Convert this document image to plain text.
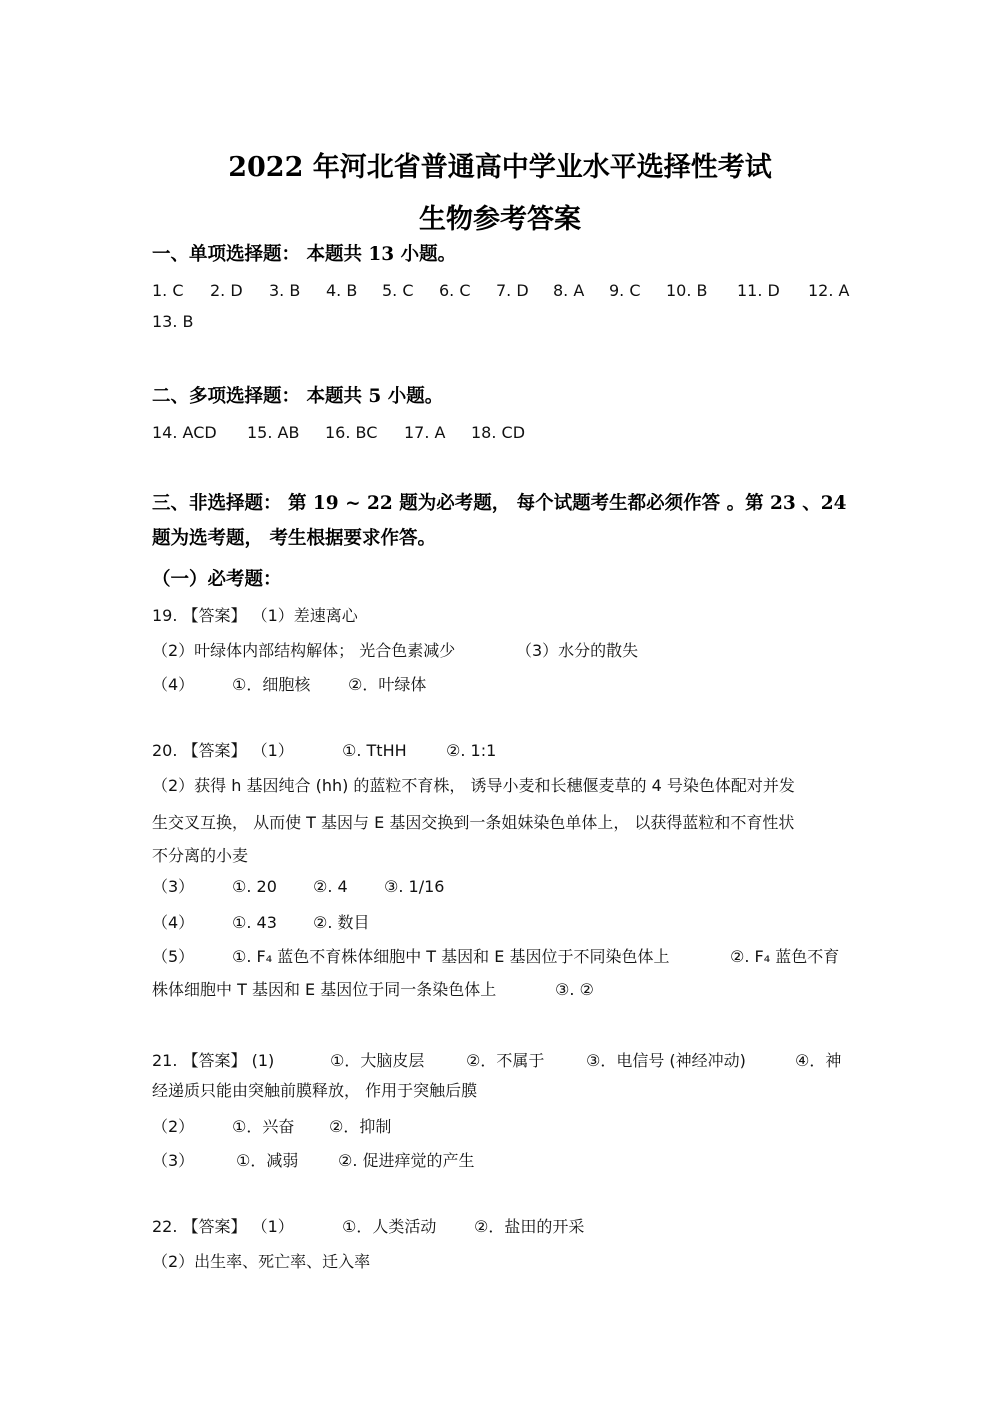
2022 年河北省普通高中学业水平选择性考试
生物参考答案
一、单项选择题： 本题共 13 小题。
1. C 2. D 3. B 4. B 5. C 6. C 7. D 8. A 9. C 10. B 11. D 12. A
13. B
二、多项选择题： 本题共 5 小题。
14. ACD 15. AB 16. BC 17. A 18. CD
三、非选择题： 第 19 ~ 22 题为必考题， 每个试题考生都必须作答 。第 23 、24
题为选考题， 考生根据要求作答。
（一）必考题：
19. 【答案】 （1）差速离心
（2）叶绿体内部结构解体； 光合色素减少	（3）水分的散失
（4） ①．细胞核 ②．叶绿体
20. 【答案】 （1）	①. TtHH ②. 1:1
（2）获得 h 基因纯合 (hh) 的蓝粒不育株， 诱导小麦和长穗偃麦草的 4 号染色体配对并发
生交叉互换， 从而使 T 基因与 E 基因交换到一条姐妹染色单体上， 以获得蓝粒和不育性状
不分离的小麦
（3） ①. 20 ②. 4 ③. 1/16
（4） ①. 43 ②. 数目
（5） ①. F₄ 蓝色不育株体细胞中 T 基因和 E 基因位于不同染色体上	②. F₄ 蓝色不育
株体细胞中 T 基因和 E 基因位于同一条染色体上	③. ②
21. 【答案】 (1)	①．大脑皮层	②．不属于	③．电信号 (神经冲动)	④．神
经递质只能由突触前膜释放， 作用于突触后膜
（2） ①．兴奋 ②．抑制
（3）	①．减弱 ②. 促进痒觉的产生
22. 【答案】 （1）	①．人类活动 ②．盐田的开采
（2）出生率、死亡率、迁入率
